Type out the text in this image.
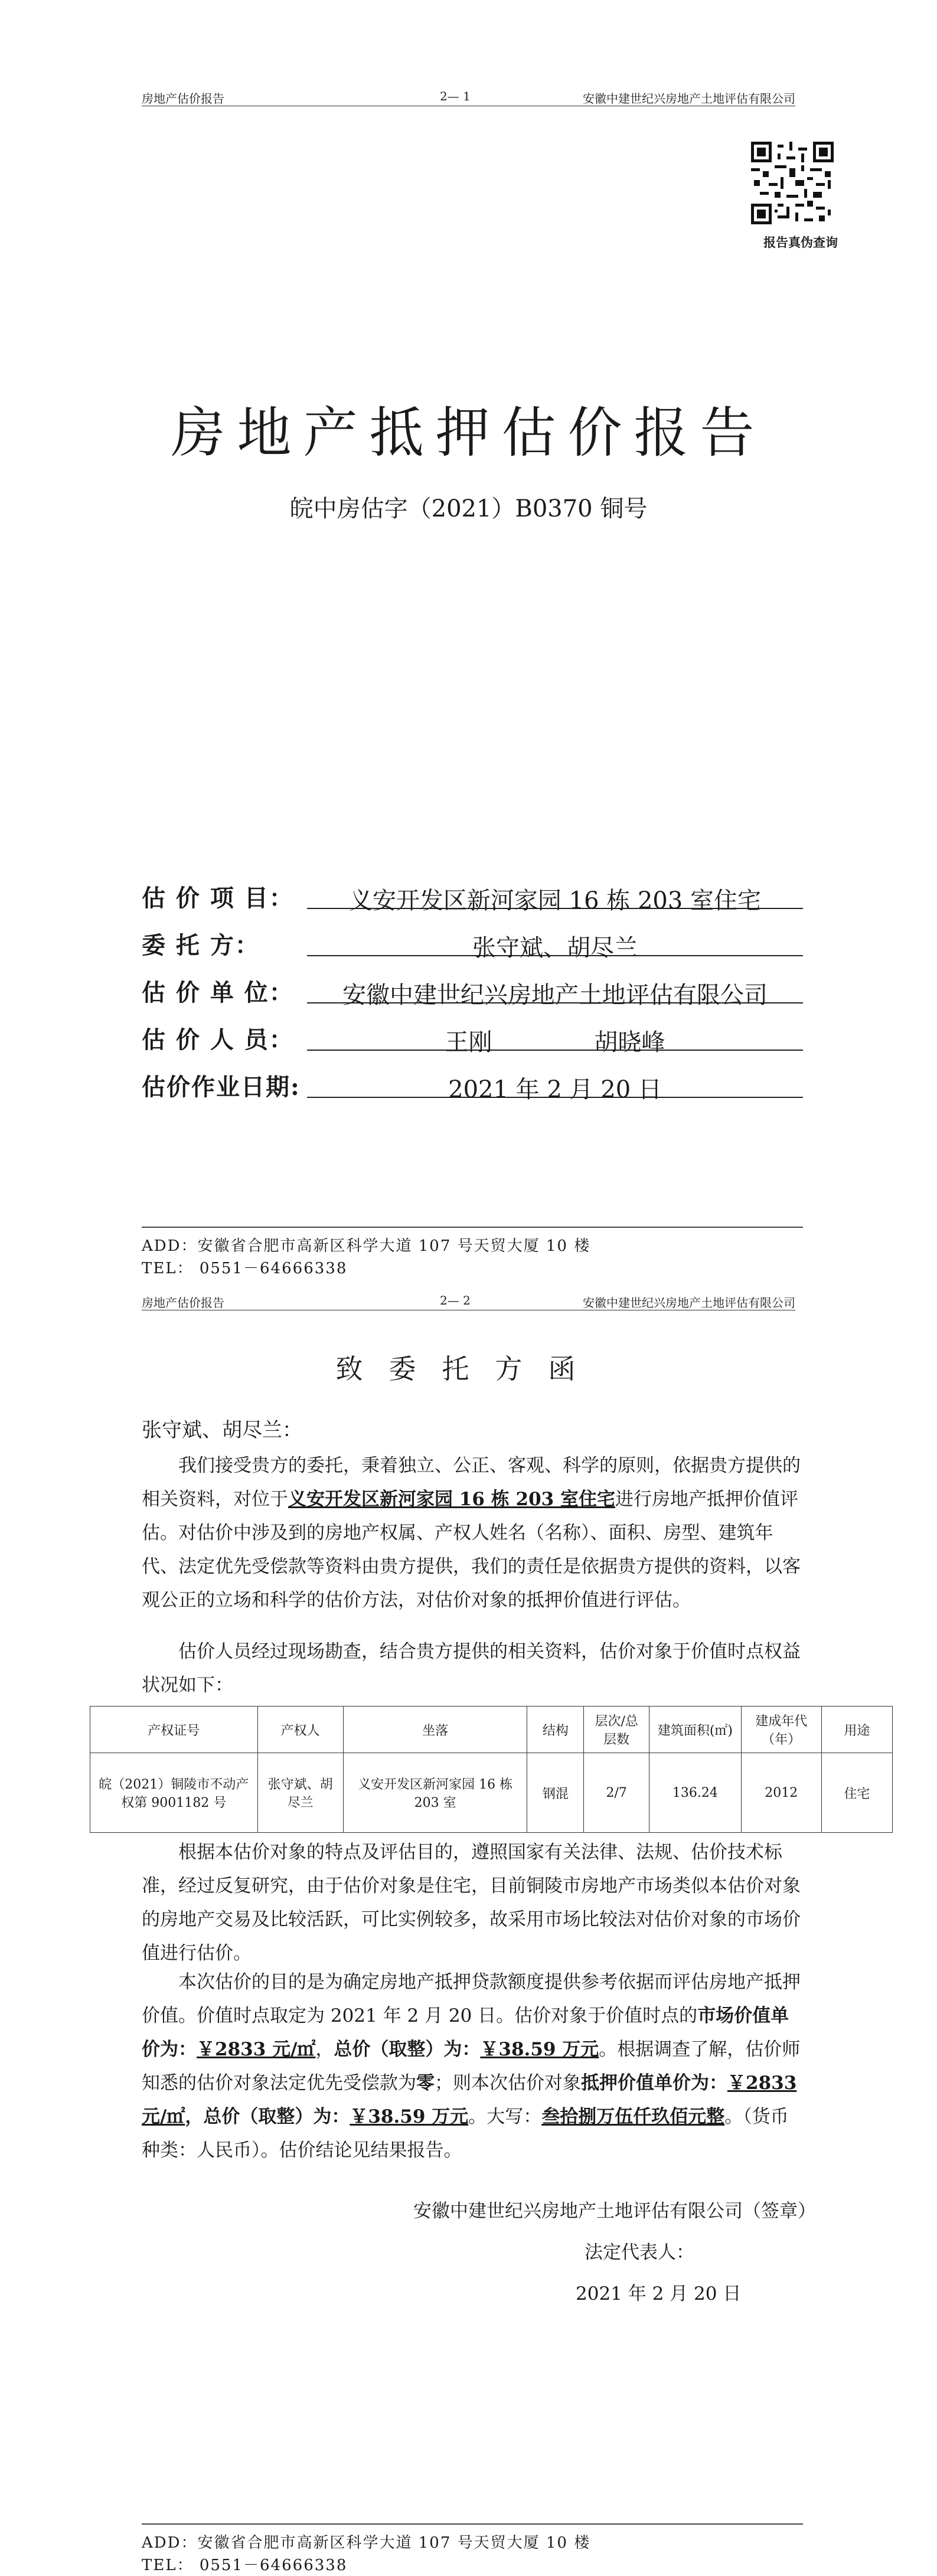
房地产估价报告	2— 1	安徽中建世纪兴房地产土地评估有限公司
报告真伪查询
房地产抵押估价报告
皖中房估字（2021）B0370 铜号
估 价 项 目：	义安开发区新河家园 16 栋 203 室住宅
委 托 方：	张守斌、胡尽兰
估 价 单 位：	安徽中建世纪兴房地产土地评估有限公司
估 价 人 员：	王刚	胡晓峰
估价作业日期:	2021 年 2 月 20 日
ADD：安徽省合肥市高新区科学大道 107 号天贸大厦 10 楼
TEL： 0551－64666338
房地产估价报告	2— 2	安徽中建世纪兴房地产土地评估有限公司
致委托方函
张守斌、胡尽兰：
我们接受贵方的委托，秉着独立、公正、客观、科学的原则，依据贵方提供的相关资料，对位于义安开发区新河家园 16 栋 203 室住宅进行房地产抵押价值评估。对估价中涉及到的房地产权属、产权人姓名（名称）、面积、房型、建筑年代、法定优先受偿款等资料由贵方提供，我们的责任是依据贵方提供的资料，以客观公正的立场和科学的估价方法，对估价对象的抵押价值进行评估。
估价人员经过现场勘查，结合贵方提供的相关资料，估价对象于价值时点权益状况如下：
产权证号	产权人	坐落	结构	层次/总层数	建筑面积(㎡)	建成年代（年）	用途
皖（2021）铜陵市不动产权第 9001182 号	张守斌、胡尽兰	义安开发区新河家园 16 栋 203 室	钢混	2/7	136.24	2012	住宅
根据本估价对象的特点及评估目的，遵照国家有关法律、法规、估价技术标准，经过反复研究，由于估价对象是住宅，目前铜陵市房地产市场类似本估价对象的房地产交易及比较活跃，可比实例较多，故采用市场比较法对估价对象的市场价值进行估价。
本次估价的目的是为确定房地产抵押贷款额度提供参考依据而评估房地产抵押价值。价值时点取定为 2021 年 2 月 20 日。估价对象于价值时点的市场价值单价为：￥2833 元/㎡，总价（取整）为：￥38.59 万元。根据调查了解，估价师知悉的估价对象法定优先受偿款为零；则本次估价对象抵押价值单价为：￥2833 元/㎡，总价（取整）为：￥38.59 万元。大写：叁拾捌万伍仟玖佰元整。（货币种类：人民币）。估价结论见结果报告。
安徽中建世纪兴房地产土地评估有限公司（签章）
法定代表人：
2021 年 2 月 20 日
ADD：安徽省合肥市高新区科学大道 107 号天贸大厦 10 楼
TEL： 0551－64666338
